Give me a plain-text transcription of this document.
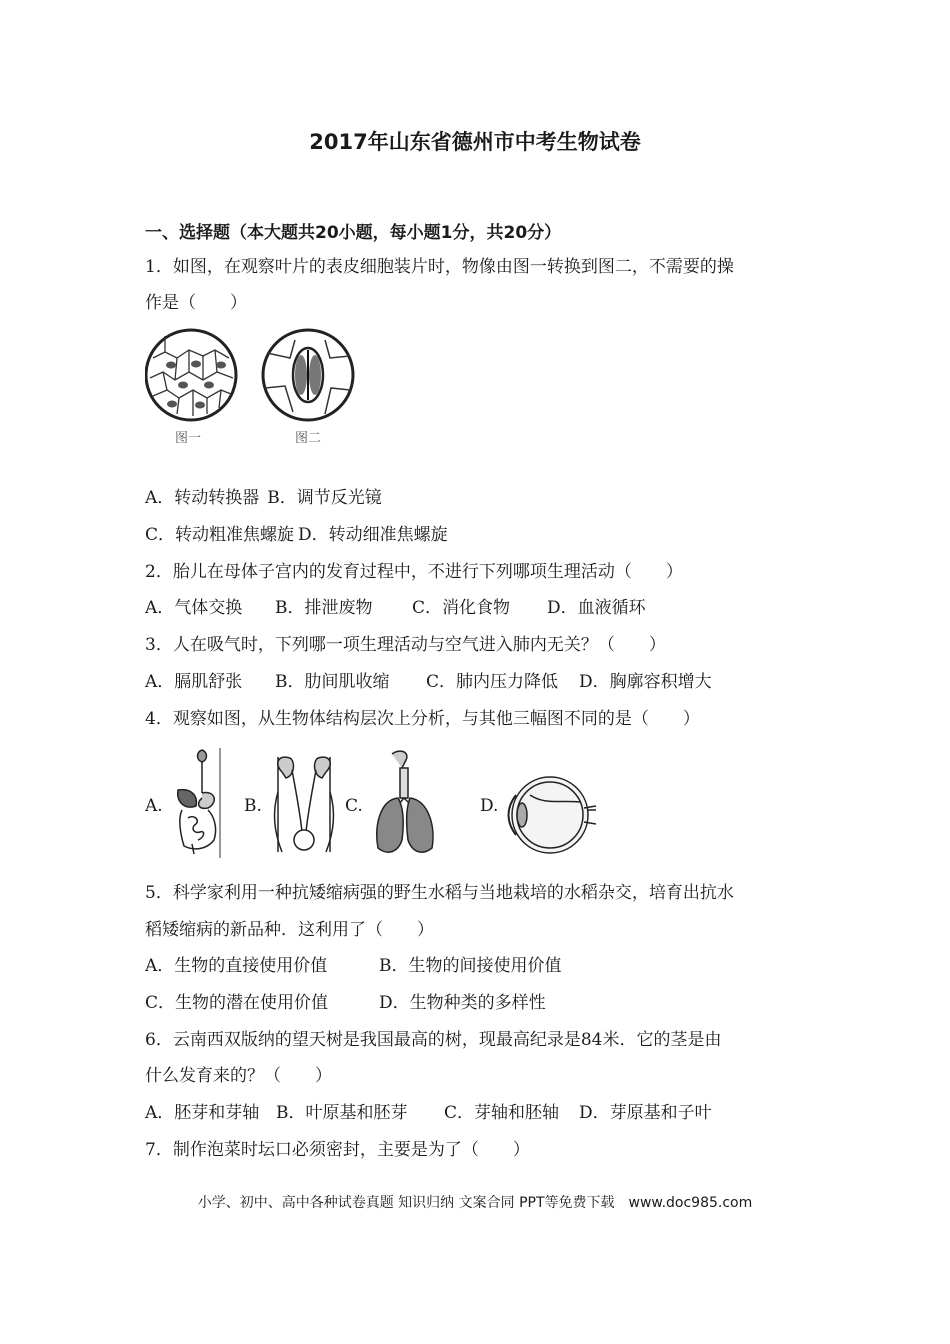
2017年山东省德州市中考生物试卷
一、选择题（本大题共20小题，每小题1分，共20分）
1．如图，在观察叶片的表皮细胞装片时，物像由图一转换到图二，不需要的操
作是（　　）
图一	图二
A．转动转换器 B．调节反光镜
C．转动粗准焦螺旋 D．转动细准焦螺旋
2．胎儿在母体子宫内的发育过程中，不进行下列哪项生理活动（　　）
A．气体交换 B．排泄废物 C．消化食物 D．血液循环
3．人在吸气时，下列哪一项生理活动与空气进入肺内无关？（　　）
A．膈肌舒张 B．肋间肌收缩 C．肺内压力降低 D．胸廓容积增大
4．观察如图，从生物体结构层次上分析，与其他三幅图不同的是（　　）
A.	B.	C.	D.
5．科学家利用一种抗矮缩病强的野生水稻与当地栽培的水稻杂交，培育出抗水
稻矮缩病的新品种．这利用了（　　）
A．生物的直接使用价值	B．生物的间接使用价值
C．生物的潜在使用价值	D．生物种类的多样性
6．云南西双版纳的望天树是我国最高的树，现最高纪录是84米．它的茎是由
什么发育来的？（　　）
A．胚芽和芽轴 B．叶原基和胚芽 C．芽轴和胚轴 D．芽原基和子叶
7．制作泡菜时坛口必须密封，主要是为了（　　）
小学、初中、高中各种试卷真题 知识归纳 文案合同 PPT等免费下载　www.doc985.com
